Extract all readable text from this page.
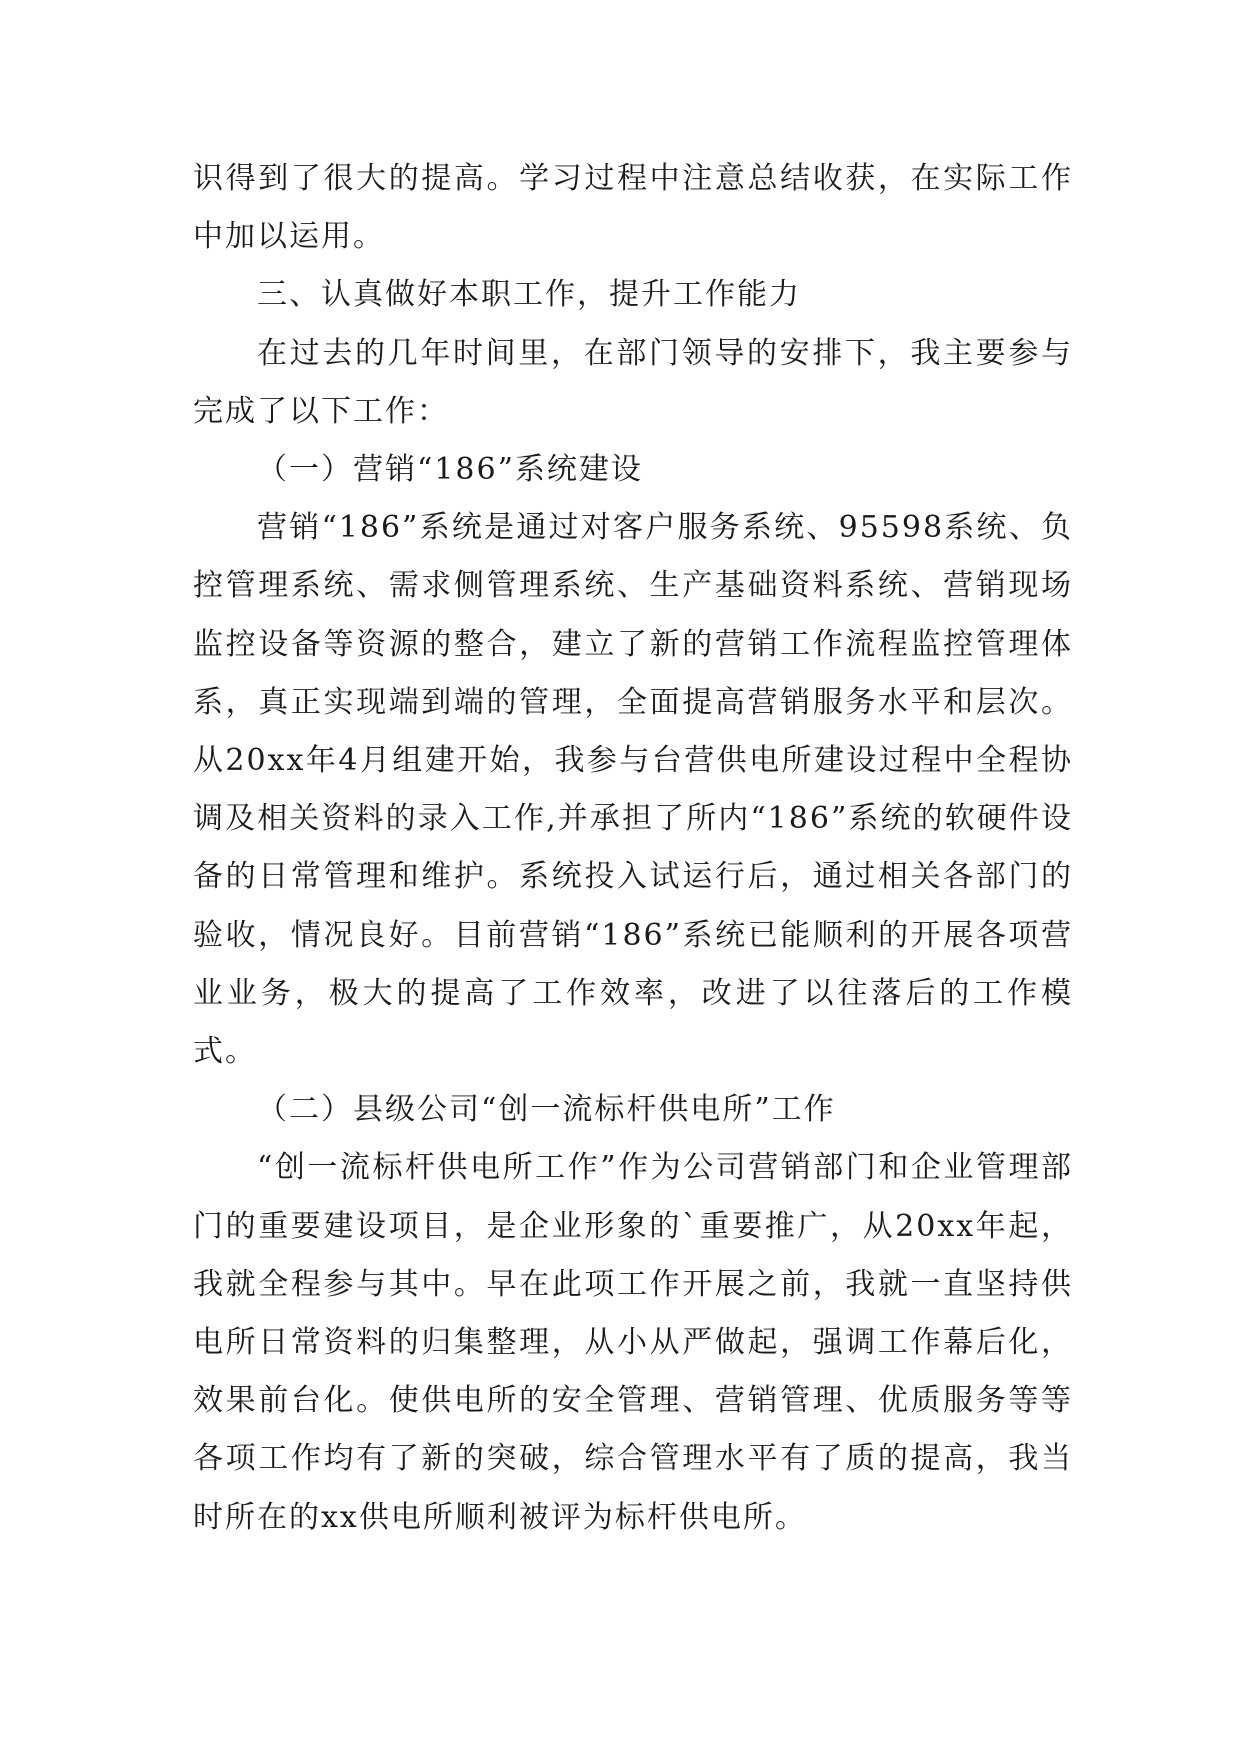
识得到了很大的提高。学习过程中注意总结收获，在实际工作中加以运用。

三、认真做好本职工作，提升工作能力

在过去的几年时间里，在部门领导的安排下，我主要参与完成了以下工作：

（一）营销“186”系统建设

营销“186”系统是通过对客户服务系统、95598系统、负控管理系统、需求侧管理系统、生产基础资料系统、营销现场监控设备等资源的整合，建立了新的营销工作流程监控管理体系，真正实现端到端的管理，全面提高营销服务水平和层次。从20xx年4月组建开始，我参与台营供电所建设过程中全程协调及相关资料的录入工作,并承担了所内“186”系统的软硬件设备的日常管理和维护。系统投入试运行后，通过相关各部门的验收，情况良好。目前营销“186”系统已能顺利的开展各项营业业务，极大的提高了工作效率，改进了以往落后的工作模式。

（二）县级公司“创一流标杆供电所”工作

“创一流标杆供电所工作”作为公司营销部门和企业管理部门的重要建设项目，是企业形象的`重要推广，从20xx年起，我就全程参与其中。早在此项工作开展之前，我就一直坚持供电所日常资料的归集整理，从小从严做起，强调工作幕后化，效果前台化。使供电所的安全管理、营销管理、优质服务等等各项工作均有了新的突破，综合管理水平有了质的提高，我当时所在的xx供电所顺利被评为标杆供电所。
